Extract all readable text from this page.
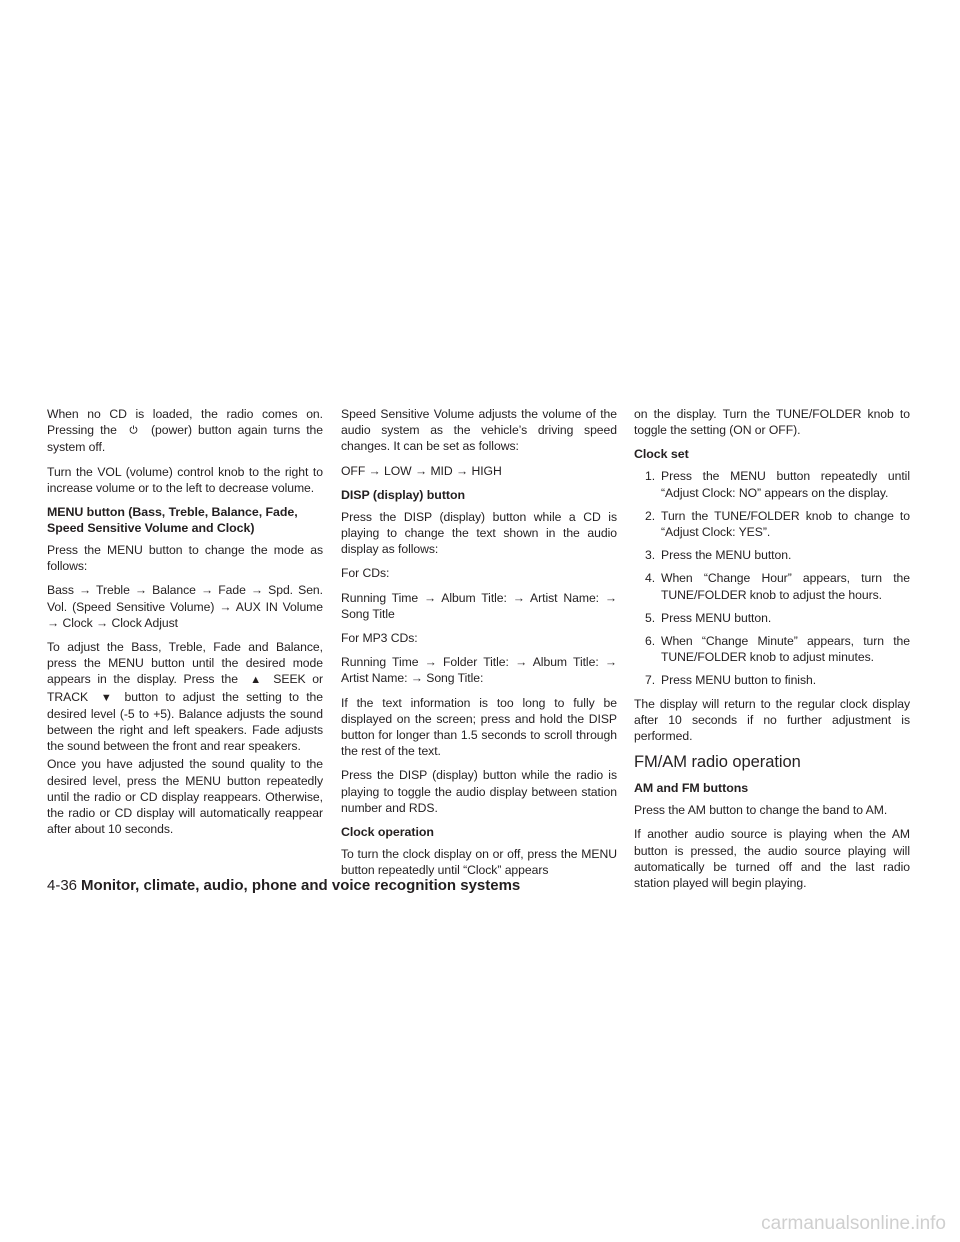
When no CD is loaded, the radio comes on. Pressing the	(power) button again turns the system off.

Turn the VOL (volume) control knob to the right to increase volume or to the left to decrease volume.

MENU button (Bass, Treble, Balance, Fade, Speed Sensitive Volume and Clock)

Press the MENU button to change the mode as follows:

Bass → Treble → Balance → Fade → Spd. Sen. Vol. (Speed Sensitive Volume) → AUX IN Volume → Clock → Clock Adjust

To adjust the Bass, Treble, Fade and Balance, press the MENU button until the desired mode appears in the display. Press the ▲ SEEK or TRACK ▼ button to adjust the setting to the desired level (-5 to +5). Balance adjusts the sound between the right and left speakers. Fade adjusts the sound between the front and rear speakers.

Once you have adjusted the sound quality to the desired level, press the MENU button repeatedly until the radio or CD display reappears. Otherwise, the radio or CD display will automatically reappear after about 10 seconds.

Speed Sensitive Volume adjusts the volume of the audio system as the vehicle’s driving speed changes. It can be set as follows:

OFF → LOW → MID → HIGH

DISP (display) button

Press the DISP (display) button while a CD is playing to change the text shown in the audio display as follows:

For CDs:

Running Time → Album Title: → Artist Name: → Song Title

For MP3 CDs:

Running Time → Folder Title: → Album Title: → Artist Name: → Song Title:

If the text information is too long to fully be displayed on the screen; press and hold the DISP button for longer than 1.5 seconds to scroll through the rest of the text.

Press the DISP (display) button while the radio is playing to toggle the audio display between station number and RDS.

Clock operation

To turn the clock display on or off, press the MENU button repeatedly until “Clock” appears

on the display. Turn the TUNE/FOLDER knob to toggle the setting (ON or OFF).

Clock set
1. Press the MENU button repeatedly until “Adjust Clock: NO” appears on the display.
2. Turn the TUNE/FOLDER knob to change to “Adjust Clock: YES”.
3. Press the MENU button.
4. When “Change Hour” appears, turn the TUNE/FOLDER knob to adjust the hours.
5. Press MENU button.
6. When “Change Minute” appears, turn the TUNE/FOLDER knob to adjust minutes.
7. Press MENU button to finish.

The display will return to the regular clock display after 10 seconds if no further adjustment is performed.

FM/AM radio operation
AM and FM buttons

Press the AM button to change the band to AM.

If another audio source is playing when the AM button is pressed, the audio source playing will automatically be turned off and the last radio station played will begin playing.

4-36 Monitor, climate, audio, phone and voice recognition systems
carmanualsonline.info
